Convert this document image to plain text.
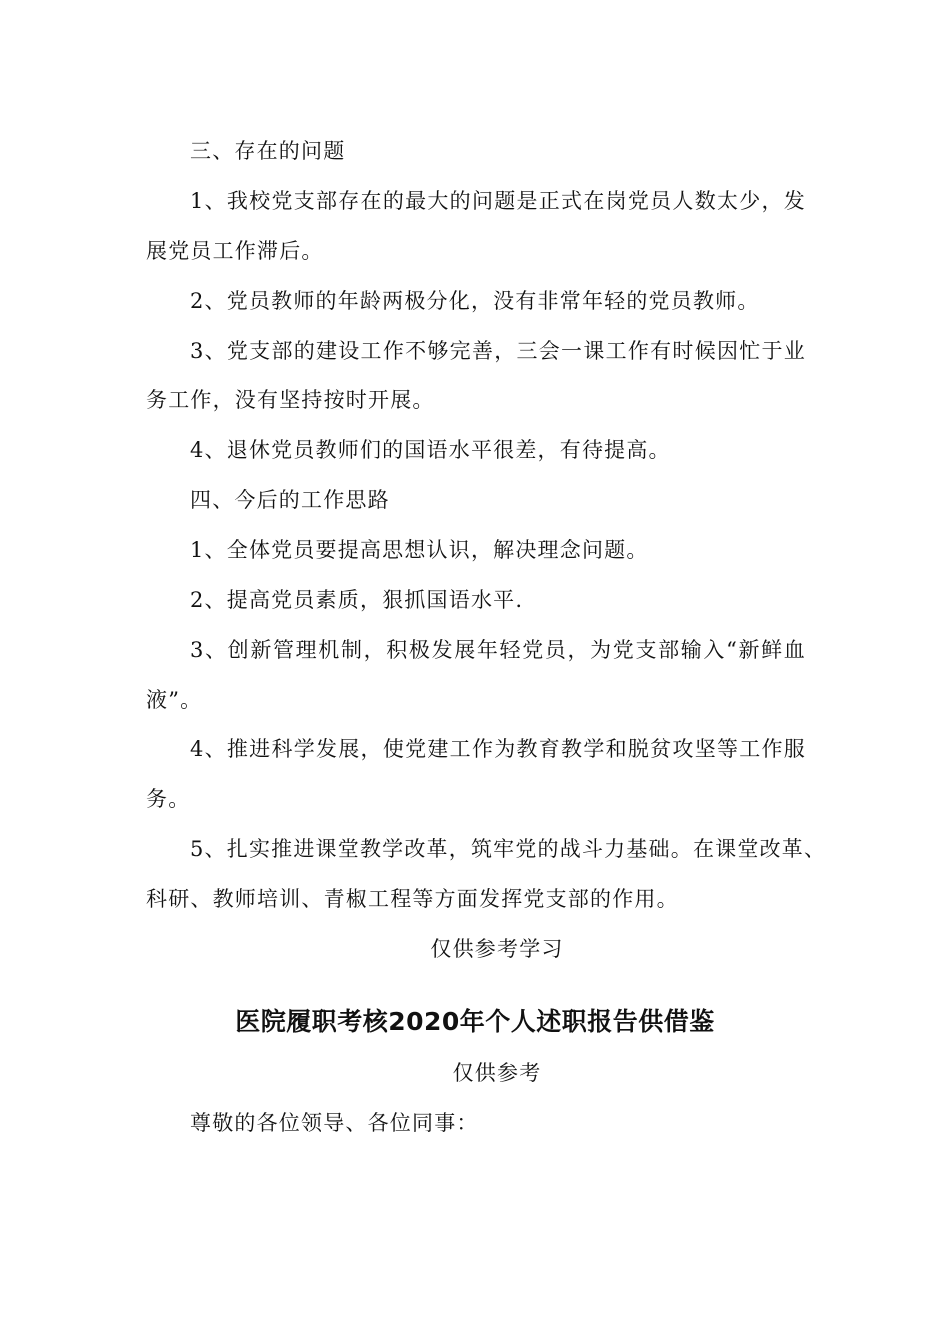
三、存在的问题
1、我校党支部存在的最大的问题是正式在岗党员人数太少，发
展党员工作滞后。
2、党员教师的年龄两极分化，没有非常年轻的党员教师。
3、党支部的建设工作不够完善，三会一课工作有时候因忙于业
务工作，没有坚持按时开展。
4、退休党员教师们的国语水平很差，有待提高。
四、今后的工作思路
1、全体党员要提高思想认识，解决理念问题。
2、提高党员素质，狠抓国语水平.
3、创新管理机制，积极发展年轻党员，为党支部输入“新鲜血
液”。
4、推进科学发展，使党建工作为教育教学和脱贫攻坚等工作服
务。
5、扎实推进课堂教学改革，筑牢党的战斗力基础。在课堂改革、
科研、教师培训、青椒工程等方面发挥党支部的作用。
仅供参考学习
医院履职考核2020年个人述职报告供借鉴
仅供参考
尊敬的各位领导、各位同事：
